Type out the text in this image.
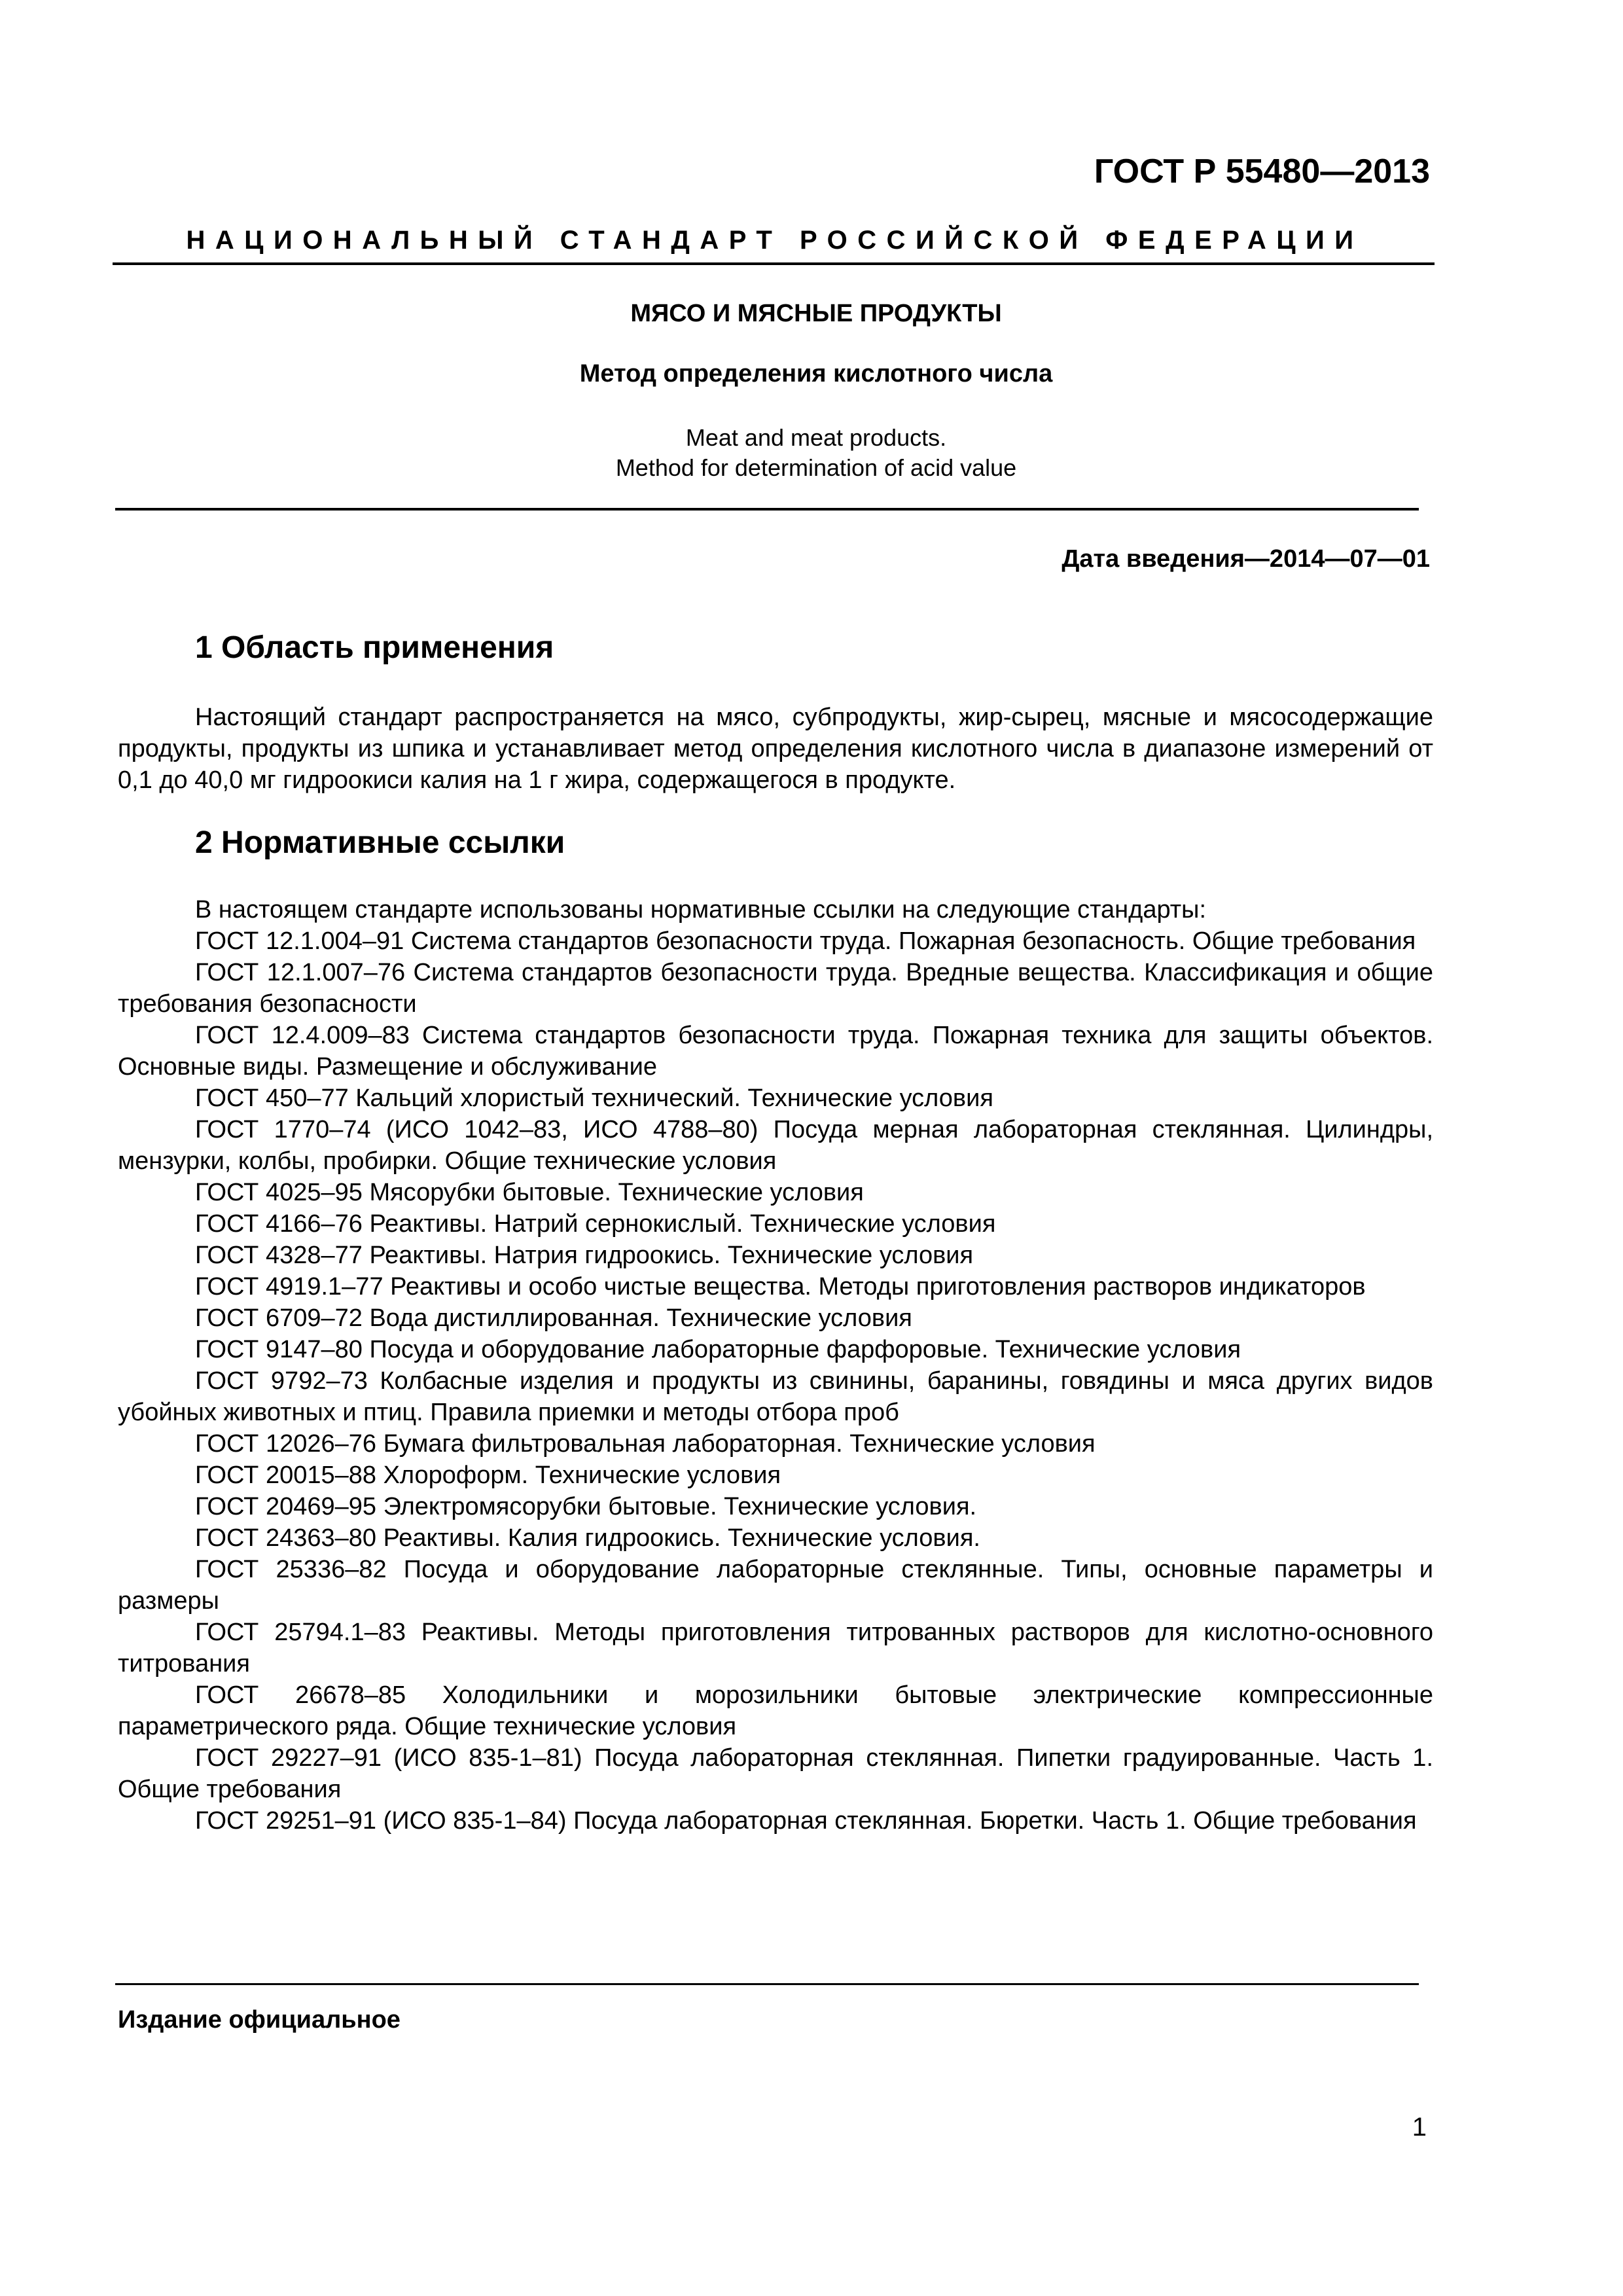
ГОСТ Р 55480—2013
НАЦИОНАЛЬНЫЙ СТАНДАРТ РОССИЙСКОЙ ФЕДЕРАЦИИ
МЯСО И МЯСНЫЕ ПРОДУКТЫ
Метод определения кислотного числа
Meat and meat products.
Method for determination of acid value
Дата введения—2014—07—01
1 Область применения

Настоящий стандарт распространяется на мясо, субпродукты, жир-сырец, мясные и мясосодержащие продукты, продукты из шпика и устанавливает метод определения кислотного числа в диапазоне измерений от 0,1 до 40,0 мг гидроокиси калия на 1 г жира, содержащегося в продукте.

2 Нормативные ссылки

В настоящем стандарте использованы нормативные ссылки на следующие стандарты:

ГОСТ 12.1.004–91 Система стандартов безопасности труда. Пожарная безопасность. Общие требования

ГОСТ 12.1.007–76 Система стандартов безопасности труда. Вредные вещества. Классификация и общие требования безопасности

ГОСТ 12.4.009–83 Система стандартов безопасности труда. Пожарная техника для защиты объектов. Основные виды. Размещение и обслуживание

ГОСТ 450–77 Кальций хлористый технический. Технические условия

ГОСТ 1770–74 (ИСО 1042–83, ИСО 4788–80) Посуда мерная лабораторная стеклянная. Цилиндры, мензурки, колбы, пробирки. Общие технические условия

ГОСТ 4025–95 Мясорубки бытовые. Технические условия

ГОСТ 4166–76 Реактивы. Натрий сернокислый. Технические условия

ГОСТ 4328–77 Реактивы. Натрия гидроокись. Технические условия

ГОСТ 4919.1–77 Реактивы и особо чистые вещества. Методы приготовления растворов индикаторов

ГОСТ 6709–72 Вода дистиллированная. Технические условия

ГОСТ 9147–80 Посуда и оборудование лабораторные фарфоровые. Технические условия

ГОСТ 9792–73 Колбасные изделия и продукты из свинины, баранины, говядины и мяса других видов убойных животных и птиц. Правила приемки и методы отбора проб

ГОСТ 12026–76 Бумага фильтровальная лабораторная. Технические условия

ГОСТ 20015–88 Хлороформ. Технические условия

ГОСТ 20469–95 Электромясорубки бытовые. Технические условия.

ГОСТ 24363–80 Реактивы. Калия гидроокись. Технические условия.

ГОСТ 25336–82 Посуда и оборудование лабораторные стеклянные. Типы, основные параметры и размеры

ГОСТ 25794.1–83 Реактивы. Методы приготовления титрованных растворов для кислотно-основного титрования

ГОСТ 26678–85 Холодильники и морозильники бытовые электрические компрессионные параметрического ряда. Общие технические условия

ГОСТ 29227–91 (ИСО 835-1–81) Посуда лабораторная стеклянная. Пипетки градуированные. Часть 1. Общие требования

ГОСТ 29251–91 (ИСО 835-1–84) Посуда лабораторная стеклянная. Бюретки. Часть 1. Общие требования

Издание официальное
1
